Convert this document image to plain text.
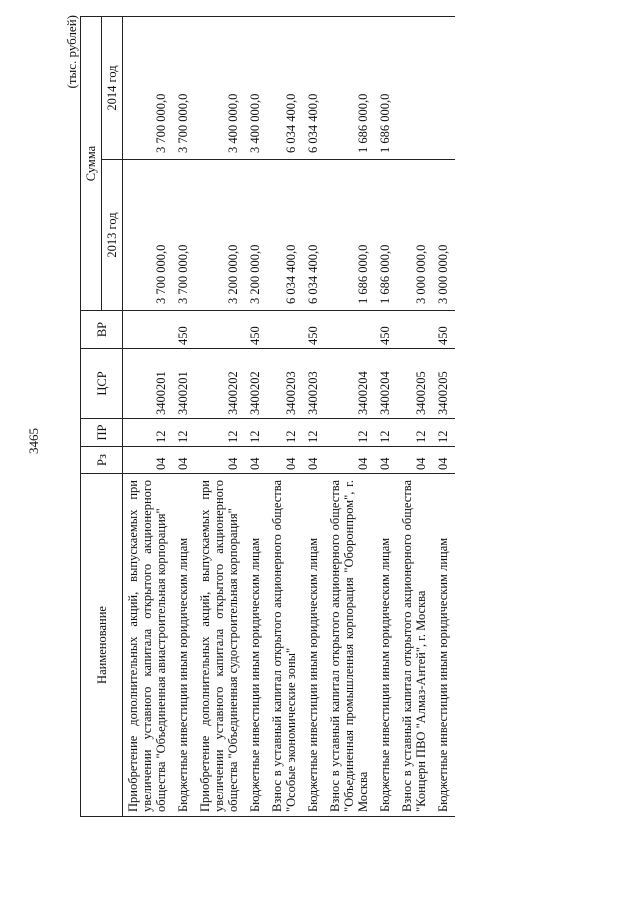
3465
(тыс. рублей)
Наименование	Рз	ПР	ЦСР	ВР	Сумма	
					2013 год	2014 год
Приобретение дополнительных акций, выпускаемых при увеличении уставного капитала открытого акционерного общества "Объединенная авиастроительная корпорация"	04	12	3400201		3 700 000,0	3 700 000,0
Бюджетные инвестиции иным юридическим лицам	04	12	3400201	450	3 700 000,0	3 700 000,0
Приобретение дополнительных акций, выпускаемых при увеличении уставного капитала открытого акционерного общества "Объединенная судостроительная корпорация"	04	12	3400202		3 200 000,0	3 400 000,0
Бюджетные инвестиции иным юридическим лицам	04	12	3400202	450	3 200 000,0	3 400 000,0
Взнос в уставный капитал открытого акционерного общества "Особые экономические зоны"	04	12	3400203		6 034 400,0	6 034 400,0
Бюджетные инвестиции иным юридическим лицам	04	12	3400203	450	6 034 400,0	6 034 400,0
Взнос в уставный капитал открытого акционерного общества "Объединенная промышленная корпорация "Оборонпром", г. Москва	04	12	3400204		1 686 000,0	1 686 000,0
Бюджетные инвестиции иным юридическим лицам	04	12	3400204	450	1 686 000,0	1 686 000,0
Взнос в уставный капитал открытого акционерного общества "Концерн ПВО "Алмаз-Антей", г. Москва	04	12	3400205		3 000 000,0	
Бюджетные инвестиции иным юридическим лицам	04	12	3400205	450	3 000 000,0	
